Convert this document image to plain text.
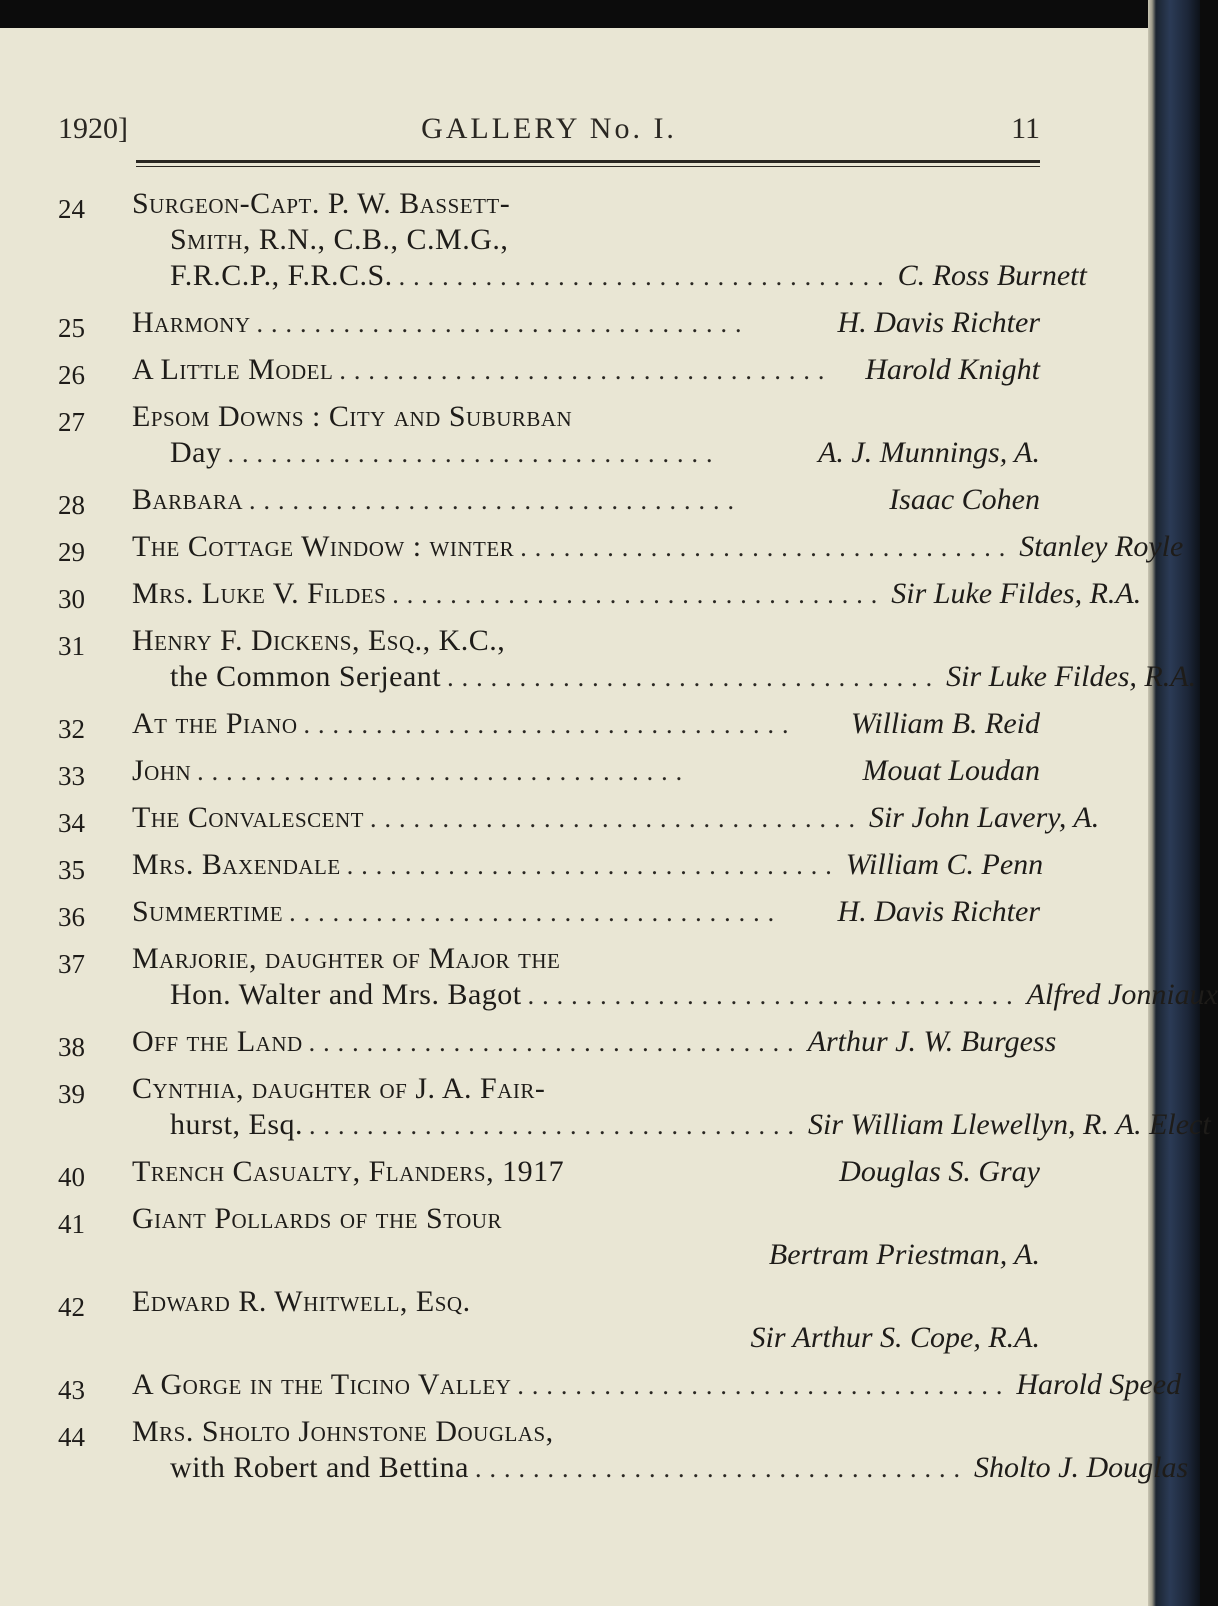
1920]	GALLERY No. I.	11
24	Surgeon-Capt. P. W. Bassett-
Smith, R.N., C.B., C.M.G.,
F.R.C.P., F.R.C.S. .................................. C. Ross Burnett
25	Harmony ..................................	H. Davis Richter
26	A Little Model ..................................	Harold Knight
27	Epsom Downs : City and Suburban
Day ..................................	A. J. Munnings, A.
28	Barbara ..................................	Isaac Cohen
29	The Cottage Window : winter .................................. Stanley Royle
30	Mrs. Luke V. Fildes .................................. Sir Luke Fildes, R.A.
31	Henry F. Dickens, Esq., K.C.,
the Common Serjeant .................................. Sir Luke Fildes, R.A.
32	At the Piano ..................................	William B. Reid
33	John ..................................	Mouat Loudan
34	The Convalescent .................................. Sir John Lavery, A.
35	Mrs. Baxendale .................................. William C. Penn
36	Summertime ..................................	H. Davis Richter
37	Marjorie, daughter of Major the
Hon. Walter and Mrs. Bagot .................................. Alfred Jonniaux
38	Off the Land .................................. Arthur J. W. Burgess
39	Cynthia, daughter of J. A. Fair-
hurst, Esq. .................................. Sir William Llewellyn, R. A. Elect
40	Trench Casualty, Flanders, 1917	Douglas S. Gray
41	Giant Pollards of the Stour
Bertram Priestman, A.
42	Edward R. Whitwell, Esq.
Sir Arthur S. Cope, R.A.
43	A Gorge in the Ticino Valley .................................. Harold Speed
44	Mrs. Sholto Johnstone Douglas,
with Robert and Bettina .................................. Sholto J. Douglas
